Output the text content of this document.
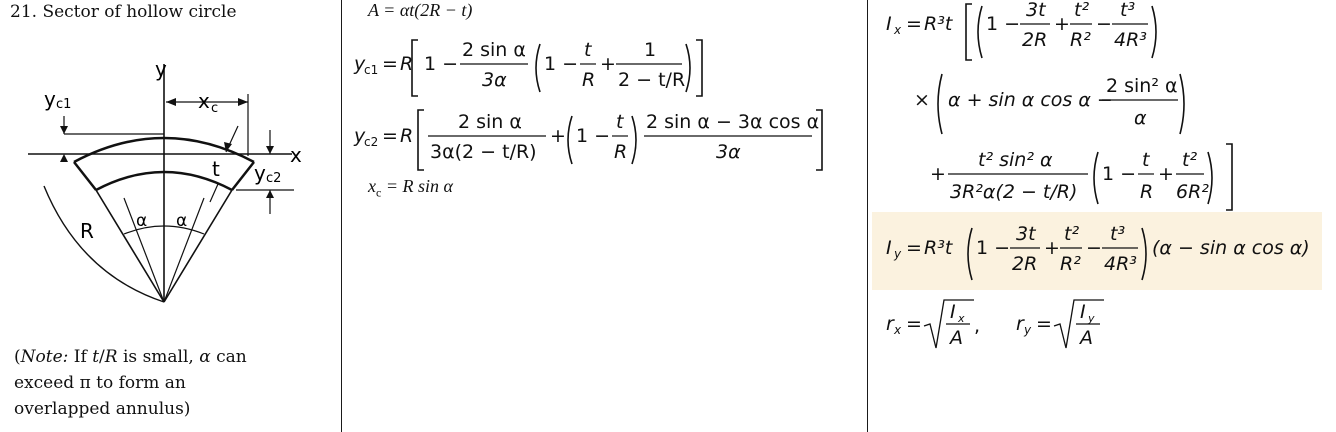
21. Sector of hollow circle
y
x
y c1	x c
t y c2
R α α
(Note: If t/R is small, α can
exceed π to form an
overlapped annulus)
A = αt(2R − t)
y
c1 = R 1 −
2 sin α
3α
1 −
t
R
+
1
2 − t/R
y
c2 = R
2 sin α
3α(2 − t/R)
+ 1 −
t
R
2 sin α − 3α cos α
3α
$x_c = R$ sin α
I x = R³t 1 −
3t
2R
+
t²
R²
−
t³
4R³
× α + sin α cos α −
2 sin² α
α
+
t² sin² α
3R²α(2 − t/R)
1 −
t
R
+
t²
6R²
I y = R³t 1 −
3t
2R
+
t²
R²
−
t³
4R³
(α − sin α cos α)
r x =
I x
A
, r y =
I y
A
